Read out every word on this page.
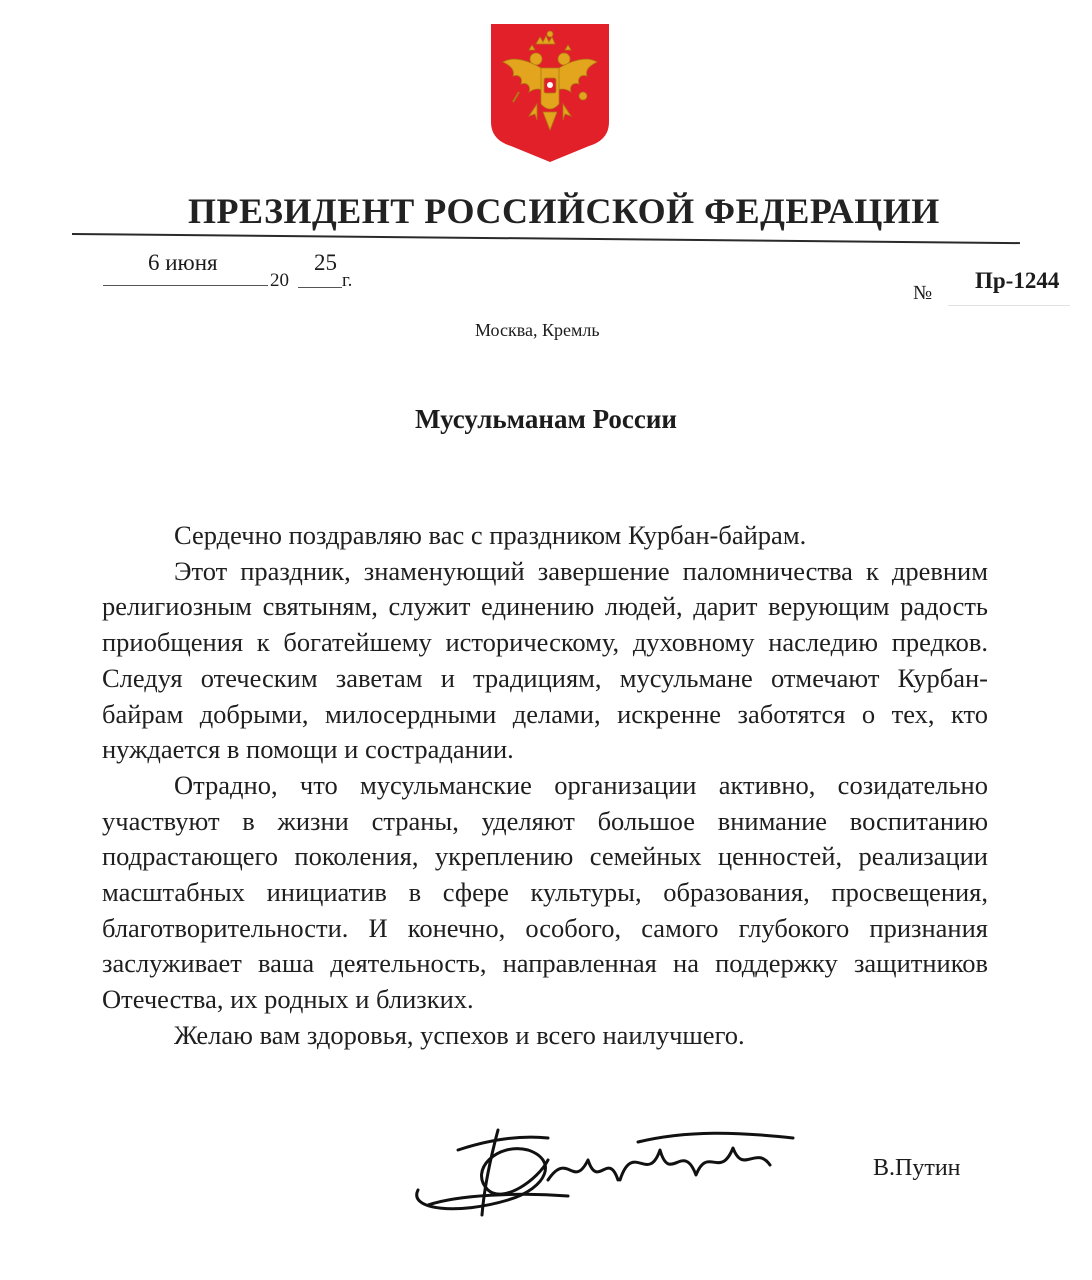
ПРЕЗИДЕНТ РОССИЙСКОЙ ФЕДЕРАЦИИ
6 июня
20
25
г.
№ Пр-1244
Москва, Кремль
Мусульманам России

Сердечно поздравляю вас с праздником Курбан-байрам.

Этот праздник, знаменующий завершение паломничества к древним религиозным святыням, служит единению людей, дарит верующим радость приобщения к богатейшему историческому, духовному наследию предков. Следуя отеческим заветам и традициям, мусульмане отмечают Курбан-байрам добрыми, милосердными делами, искренне заботятся о тех, кто нуждается в помощи и сострадании.

Отрадно, что мусульманские организации активно, созидательно участвуют в жизни страны, уделяют большое внимание воспитанию подрастающего поколения, укреплению семейных ценностей, реализации масштабных инициатив в сфере культуры, образования, просвещения, благотворительности. И конечно, особого, самого глубокого признания заслуживает ваша деятельность, направленная на поддержку защитников Отечества, их родных и близких.

Желаю вам здоровья, успехов и всего наилучшего.

В.Путин
